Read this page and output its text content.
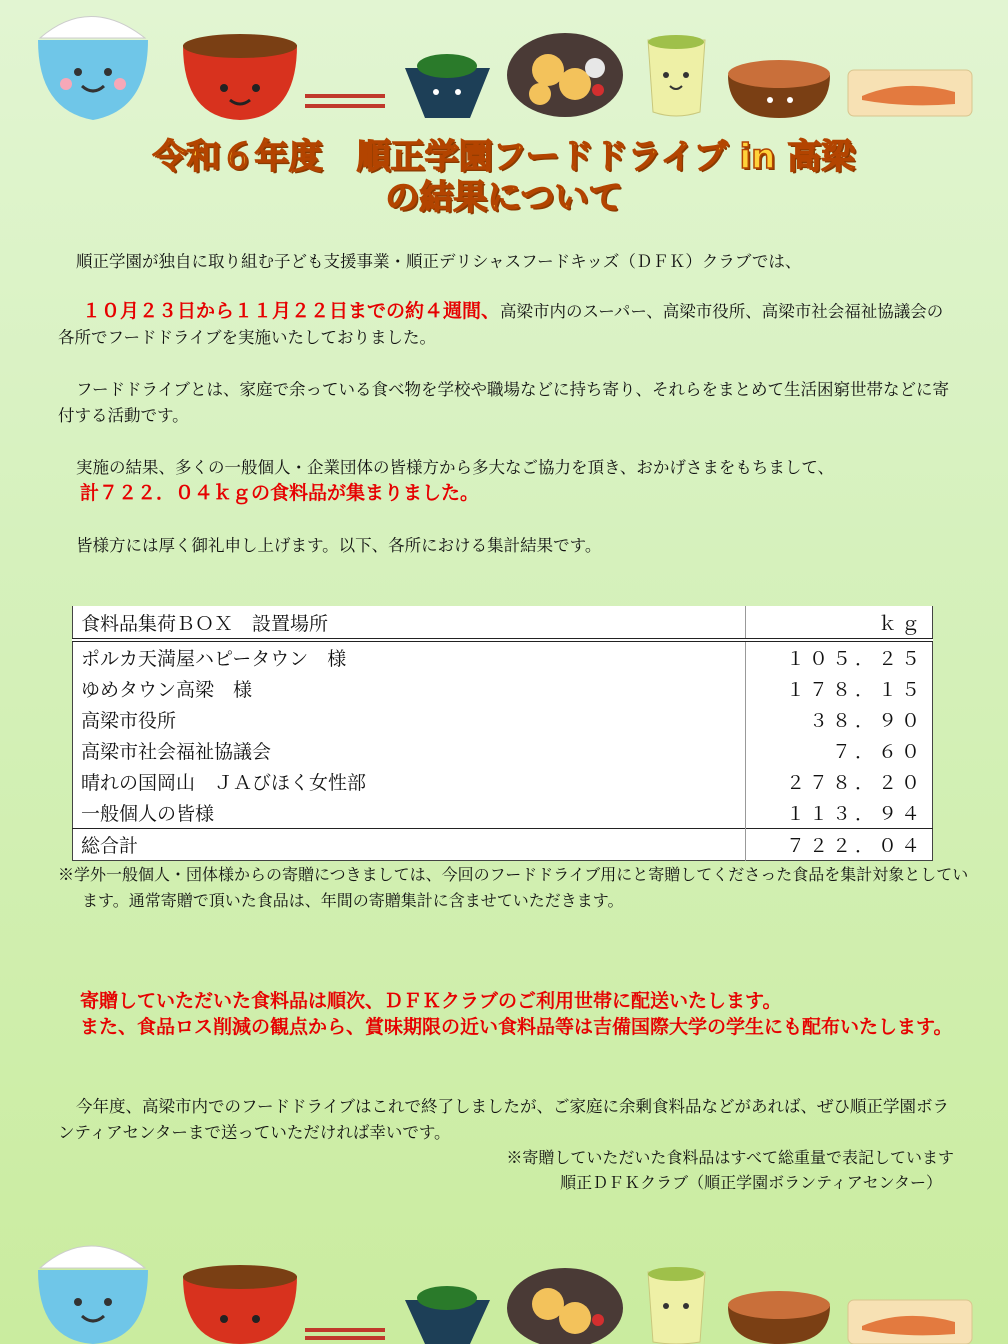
令和６年度　順正学園フードドライブ in 高梁
の結果について

順正学園が独自に取り組む子ども支援事業・順正デリシャスフードキッズ（ＤＦＫ）クラブでは、

１０月２３日から１１月２２日までの約４週間、高梁市内のスーパー、高梁市役所、高梁市社会福祉協議会の各所でフードドライブを実施いたしておりました。

フードドライブとは、家庭で余っている食べ物を学校や職場などに持ち寄り、それらをまとめて生活困窮世帯などに寄付する活動です。

実施の結果、多くの一般個人・企業団体の皆様方から多大なご協力を頂き、おかげさまをもちまして、

計７２２．０４ｋｇの食料品が集まりました。

皆様方には厚く御礼申し上げます。以下、各所における集計結果です。

食料品集荷ＢＯＸ　設置場所	ｋｇ
ポルカ天満屋ハピータウン　様	１０５．２５
ゆめタウン高梁　様	１７８．１５
高梁市役所	３８．９０
高梁市社会福祉協議会	７．６０
晴れの国岡山　ＪＡびほく女性部	２７８．２０
一般個人の皆様	１１３．９４
総合計	７２２．０４

※学外一般個人・団体様からの寄贈につきましては、今回のフードドライブ用にと寄贈してくださった食品を集計対象としています。通常寄贈で頂いた食品は、年間の寄贈集計に含ませていただきます。

寄贈していただいた食料品は順次、ＤＦＫクラブのご利用世帯に配送いたします。

また、食品ロス削減の観点から、賞味期限の近い食料品等は吉備国際大学の学生にも配布いたします。

今年度、高梁市内でのフードドライブはこれで終了しましたが、ご家庭に余剰食料品などがあれば、ぜひ順正学園ボランティアセンターまで送っていただければ幸いです。

※寄贈していただいた食料品はすべて総重量で表記しています
順正ＤＦＫクラブ（順正学園ボランティアセンター）
